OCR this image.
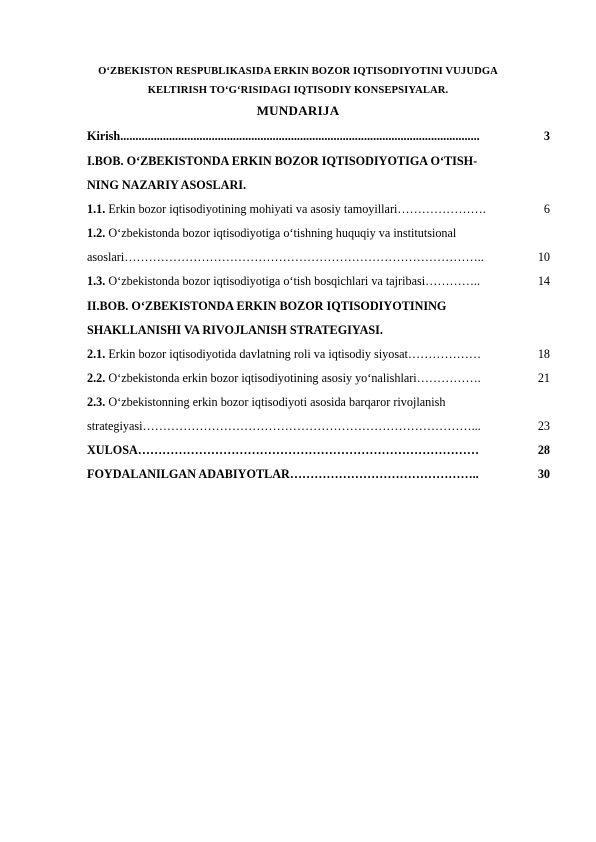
O‘ZBEKISTON RESPUBLIKASIDA ERKIN BOZOR IQTISODIYOTINI VUJUDGA
KELTIRISH TO‘G‘RISIDAGI IQTISODIY KONSEPSIYALAR.
MUNDARIJA
Kirish ......................................................................................................................	3
I.BOB. O‘ZBEKISTONDA ERKIN BOZOR IQTISODIYOTIGA O‘TISH-
NING NAZARIY ASOSLARI.
1.1. Erkin bozor iqtisodiyotining mohiyati va asosiy tamoyillari ………………….	6
1.2. O‘zbekistonda bozor iqtisodiyotiga o‘tishning huquqiy va institutsional
asoslari ……………………………………………………………………………..	10
1.3. O‘zbekistonda bozor iqtisodiyotiga o‘tish bosqichlari va tajribasi …………..	14
II.BOB. O‘ZBEKISTONDA ERKIN BOZOR IQTISODIYOTINING
SHAKLLANISHI VA RIVOJLANISH STRATEGIYASI.
2.1. Erkin bozor iqtisodiyotida davlatning roli va iqtisodiy siyosat ………………	18
2.2. O‘zbekistonda erkin bozor iqtisodiyotining asosiy yo‘nalishlari …………….	21
2.3. O‘zbekistonning erkin bozor iqtisodiyoti asosida barqaror rivojlanish
strategiyasi ………………………………………………………………………...	23
XULOSA …………………………………………………………………………	28
FOYDALANILGAN ADABIYOTLAR ………………………………………..	30
